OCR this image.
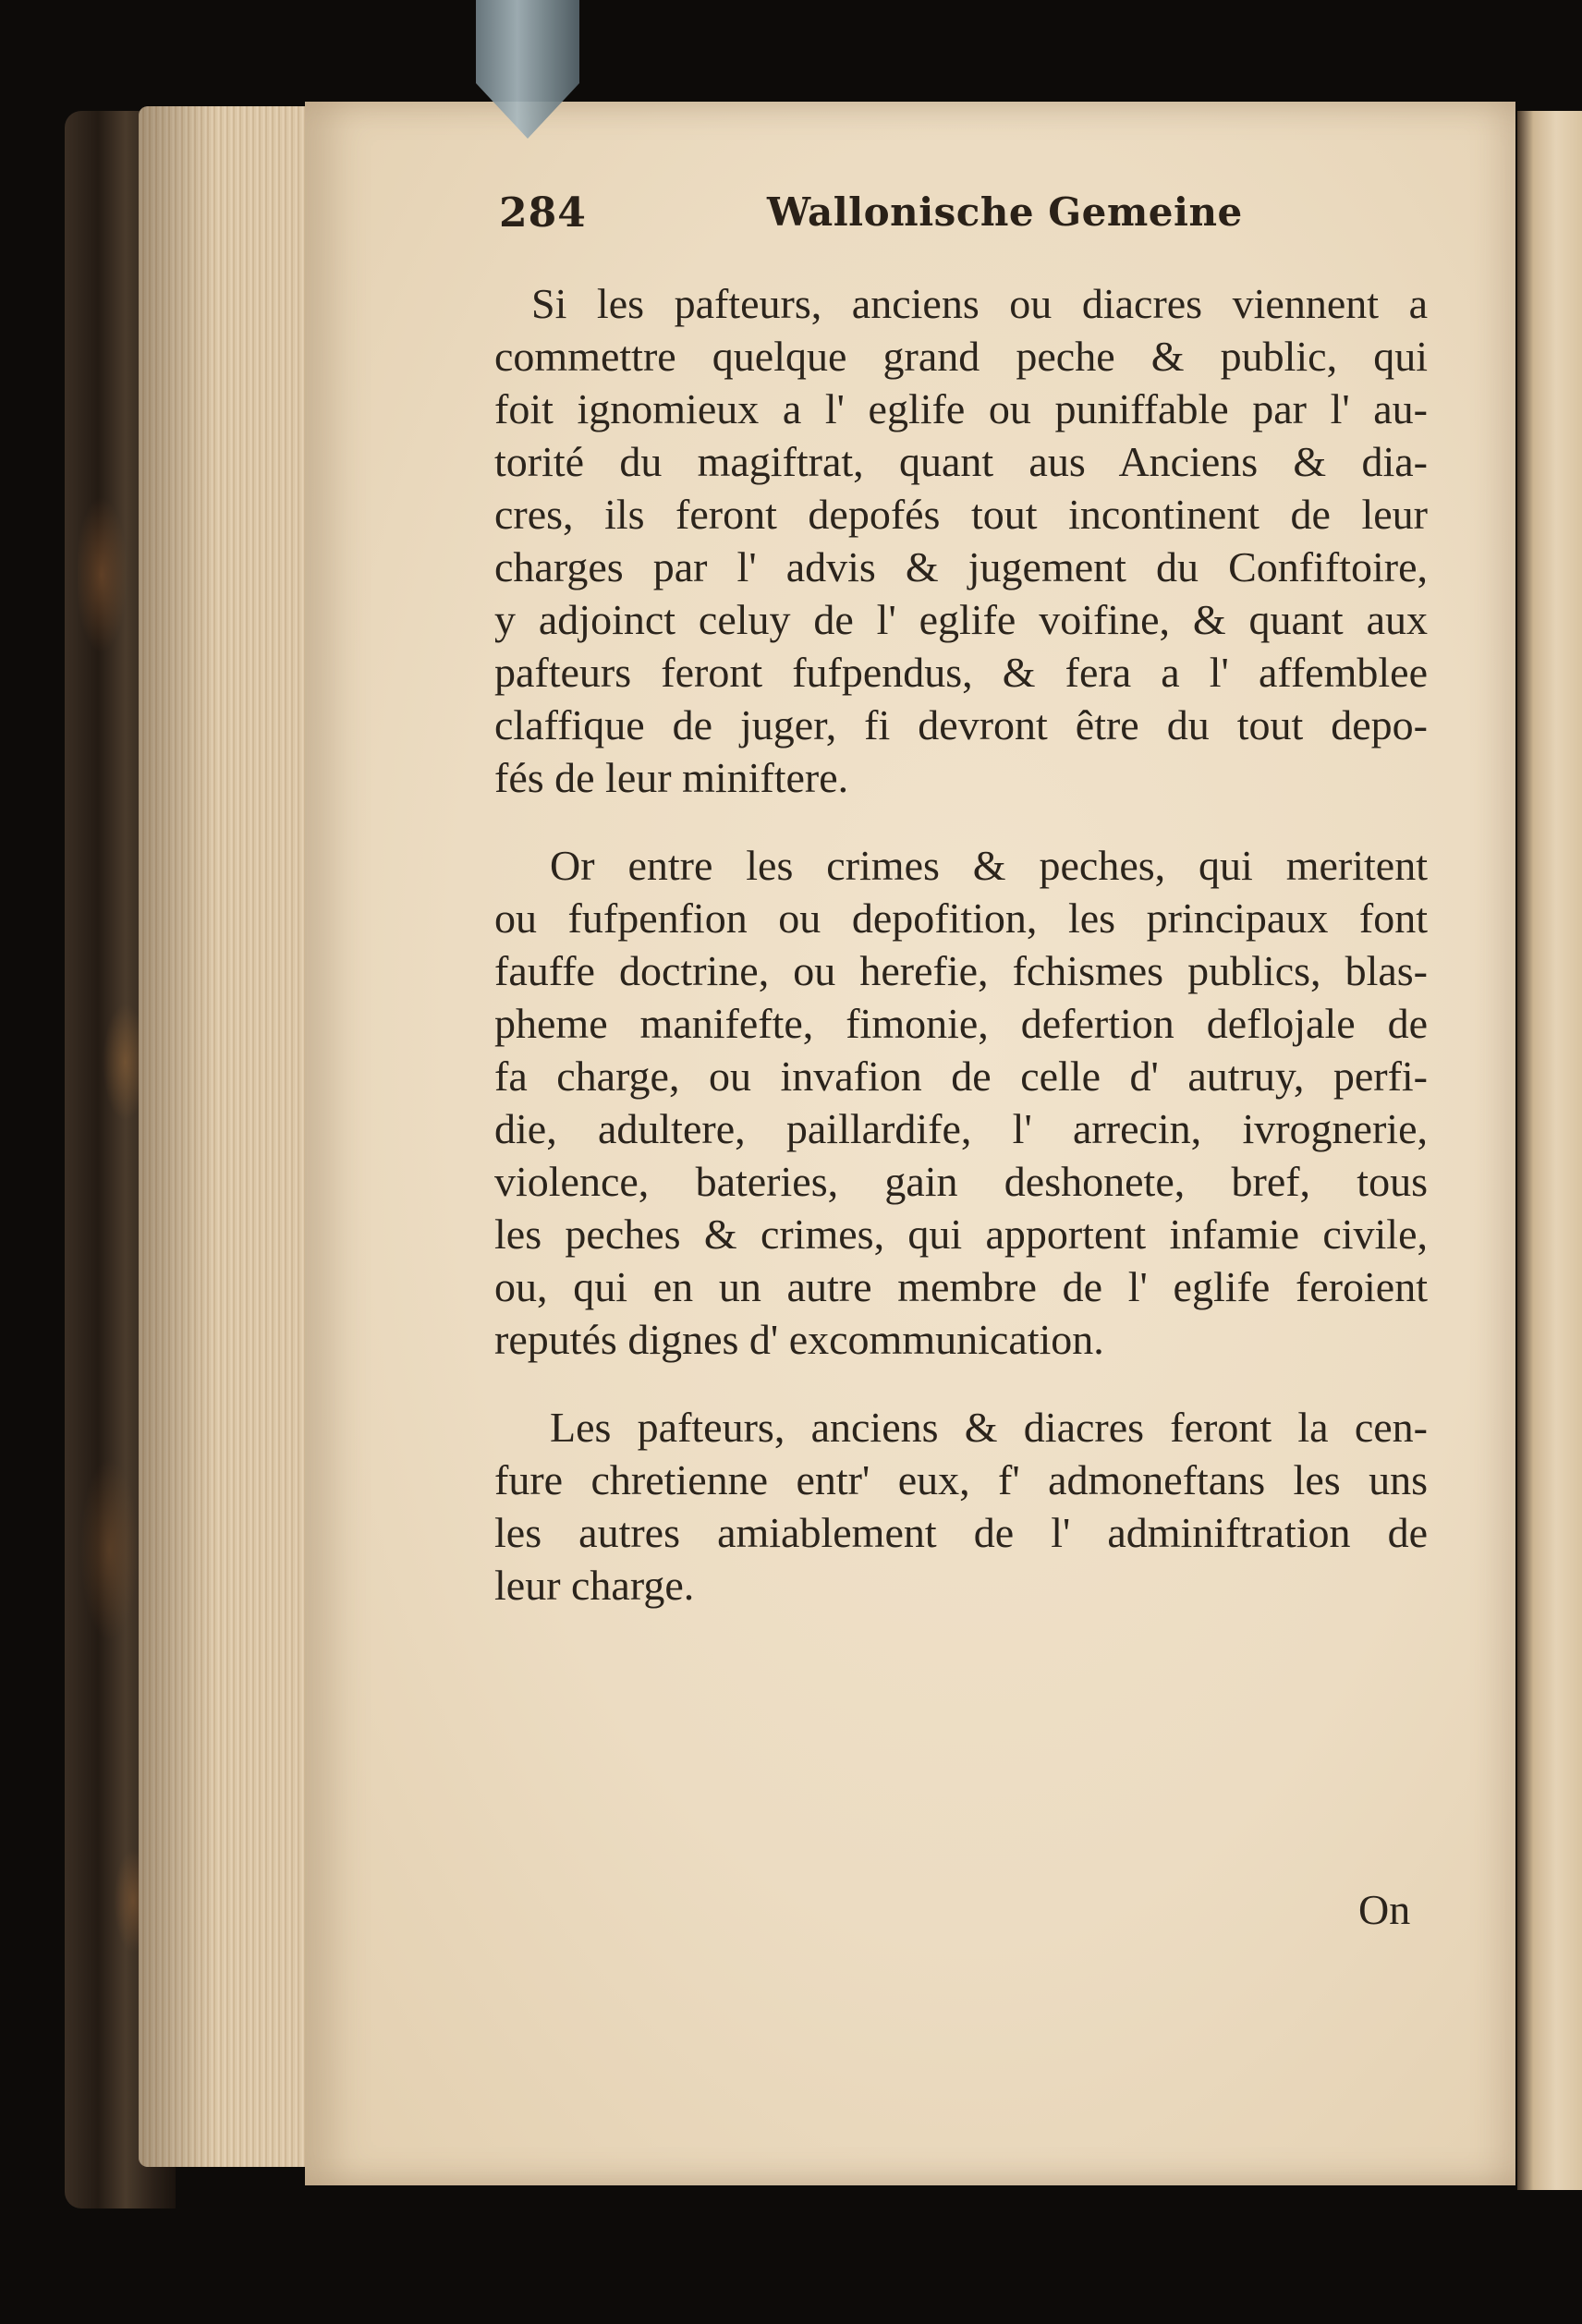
284	Wallonische Gemeine
Si les pafteurs, anciens ou diacres viennent a
commettre quelque grand peche & public, qui
foit ignomieux a l' eglife ou puniffable par l' au-
torité du magiftrat, quant aus Anciens & dia-
cres, ils feront depofés tout incontinent de leur
charges par l' advis & jugement du Confiftoire,
y adjoinct celuy de l' eglife voifine, & quant aux
pafteurs feront fufpendus, & fera a l' affemblee
claffique de juger, fi devront être du tout depo-
fés de leur miniftere.
Or entre les crimes & peches, qui meritent
ou fufpenfion ou depofition, les principaux font
fauffe doctrine, ou herefie, fchismes publics, blas-
pheme manifefte, fimonie, defertion deflojale de
fa charge, ou invafion de celle d' autruy, perfi-
die, adultere, paillardife, l' arrecin, ivrognerie,
violence, bateries, gain deshonete, bref, tous
les peches & crimes, qui apportent infamie civile,
ou, qui en un autre membre de l' eglife feroient
reputés dignes d' excommunication.
Les pafteurs, anciens & diacres feront la cen-
fure chretienne entr' eux, f' admoneftans les uns
les autres amiablement de l' adminiftration de
leur charge.
On
